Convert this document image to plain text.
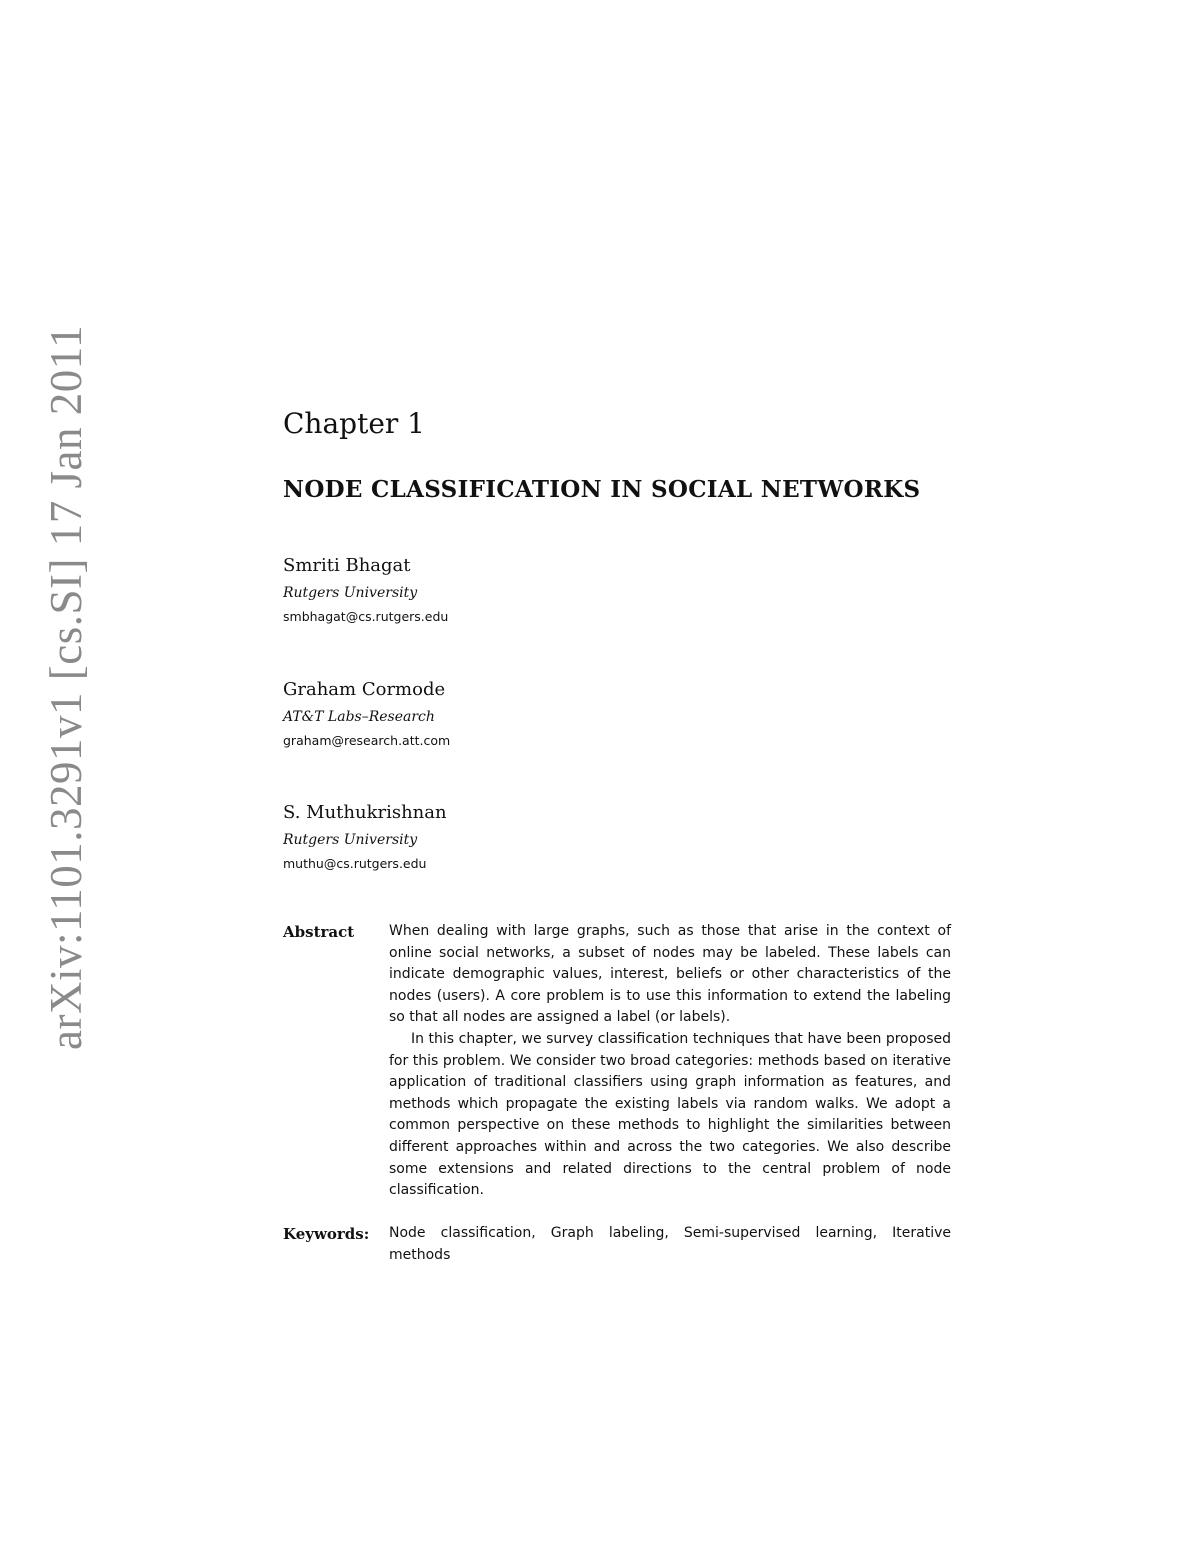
arXiv:1101.3291v1 [cs.SI] 17 Jan 2011	Chapter 1
NODE CLASSIFICATION IN SOCIAL NETWORKS
Smriti Bhagat
Rutgers University
smbhagat@cs.rutgers.edu
Graham Cormode
AT&T Labs–Research
graham@research.att.com
S. Muthukrishnan
Rutgers University
muthu@cs.rutgers.edu
Abstract When dealing with large graphs, such as those that arise in the context of online social networks, a subset of nodes may be labeled. These labels can indicate demographic values, interest, beliefs or other characteristics of the nodes (users). A core problem is to use this information to extend the labeling so that all nodes are assigned a label (or labels).

In this chapter, we survey classification techniques that have been proposed for this problem. We consider two broad categories: methods based on iterative application of traditional classifiers using graph information as features, and methods which propagate the existing labels via random walks. We adopt a common perspective on these methods to highlight the similarities between different approaches within and across the two categories. We also describe some extensions and related directions to the central problem of node classification.

Keywords: Node classification, Graph labeling, Semi-supervised learning, Iterative methods
